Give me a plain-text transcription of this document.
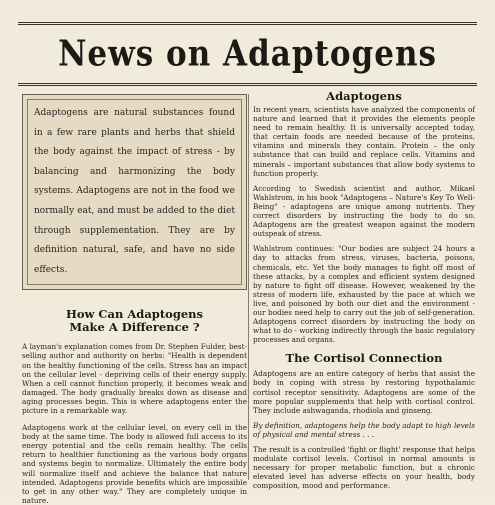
News on Adaptogens
Adaptogens are natural substances found in a few rare plants and herbs that shield the body against the impact of stress - by balancing and harmonizing the body systems. Adaptogens are not in the food we normally eat, and must be added to the diet through supplementation. They are by definition natural, safe, and have no side effects.
How Can Adaptogens Make A Difference ?

A layman's explanation comes from Dr. Stephen Fulder, best-selling author and authority on herbs: "Health is dependent on the healthy functioning of the cells. Stress has an impact on the cellular level - depriving cells of their energy supply. When a cell cannot function properly, it becomes weak and damaged. The body gradually breaks down as disease and aging processes begin. This is where adaptogens enter the picture in a remarkable way.

Adaptogens work at the cellular level, on every cell in the body at the same time. The body is allowed full access to its energy potential and the cells remain healthy. The cells return to healthier functioning as the various body organs and systems begin to normalize. Ultimately the entire body will normalize itself and achieve the balance that nature intended. Adaptogens provide benefits which are impossible to get in any other way." They are completely unique in nature.

Adaptogens

In recent years, scientists have analyzed the components of nature and learned that it provides the elements people need to remain healthy. It is universally accepted today, that certain foods are needed because of the proteins, vitamins and minerals they contain. Protein – the only substance that can build and replace cells. Vitamins and minerals – important substances that allow body systems to function properly.

According to Swedish scientist and author, Mikael Wahlstrom, in his book "Adaptogens – Nature's Key To Well-Being" - adaptogens are unique among nutrients. They correct disorders by instructing the body to do so. Adaptogens are the greatest weapon against the modern outspeak of stress.

Wahlstrom continues: "Our bodies are subject 24 hours a day to attacks from stress, viruses, bacteria, poisons, chemicals, etc. Yet the body manages to fight off most of these attacks, by a complex and efficient system designed by nature to fight off disease. However, weakened by the stress of modern life, exhausted by the pace at which we live, and poisoned by both our diet and the environment - our bodies need help to carry out the job of self-generation. Adaptogens correct disorders by instructing the body on what to do - working indirectly through the basic regulatory processes and organs.

The Cortisol Connection

Adaptogens are an entire category of herbs that assist the body in coping with stress by restoring hypothalamic cortisol receptor sensitivity. Adaptogens are some of the more popular supplements that help with cortisol control. They include ashwaganda, rhodiola and ginseng.

By definition, adaptogens help the body adapt to high levels of physical and mental stress . . .

The result is a controlled 'fight or flight' response that helps modulate cortisol levels. Cortisol in normal amounts is necessary for proper metabolic function, but a chronic elevated level has adverse effects on your health, body composition, mood and performance.
